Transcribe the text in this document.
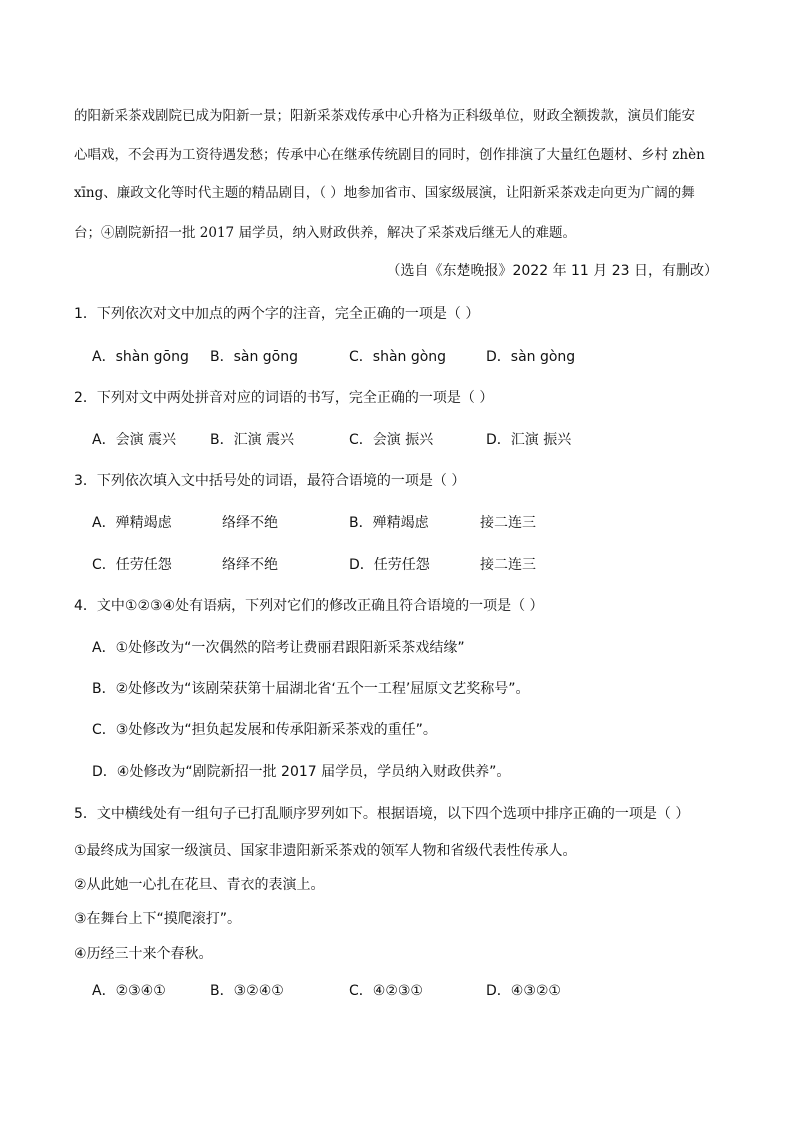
的阳新采茶戏剧院已成为阳新一景；阳新采茶戏传承中心升格为正科级单位，财政全额拨款，演员们能安
心唱戏，不会再为工资待遇发愁；传承中心在继承传统剧目的同时，创作排演了大量红色题材、乡村 zhèn
xīng、廉政文化等时代主题的精品剧目，（ ）地参加省市、国家级展演，让阳新采茶戏走向更为广阔的舞
台；④剧院新招一批 2017 届学员，纳入财政供养，解决了采茶戏后继无人的难题。
（选自《东楚晚报》2022 年 11 月 23 日，有删改）
1．下列依次对文中加点的两个字的注音，完全正确的一项是（ ）
A．shàn gōng B．sàn gōng	C．shàn gòng	D．sàn gòng
2．下列对文中两处拼音对应的词语的书写，完全正确的一项是（ ）
A．会演 震兴 B．汇演 震兴	C．会演 振兴	D．汇演 振兴
3．下列依次填入文中括号处的词语，最符合语境的一项是（ ）
A．殚精竭虑	络绎不绝	B．殚精竭虑	接二连三
C．任劳任怨	络绎不绝	D．任劳任怨	接二连三
4．文中①②③④处有语病，下列对它们的修改正确且符合语境的一项是（ ）
A．①处修改为“一次偶然的陪考让费丽君跟阳新采茶戏结缘”
B．②处修改为“该剧荣获第十届湖北省‘五个一工程’屈原文艺奖称号”。
C．③处修改为“担负起发展和传承阳新采茶戏的重任”。
D．④处修改为“剧院新招一批 2017 届学员，学员纳入财政供养”。
5．文中横线处有一组句子已打乱顺序罗列如下。根据语境，以下四个选项中排序正确的一项是（ ）
①最终成为国家一级演员、国家非遗阳新采茶戏的领军人物和省级代表性传承人。
②从此她一心扎在花旦、青衣的表演上。
③在舞台上下“摸爬滚打”。
④历经三十来个春秋。
A．②③④①	B．③②④①	C．④②③①	D．④③②①
